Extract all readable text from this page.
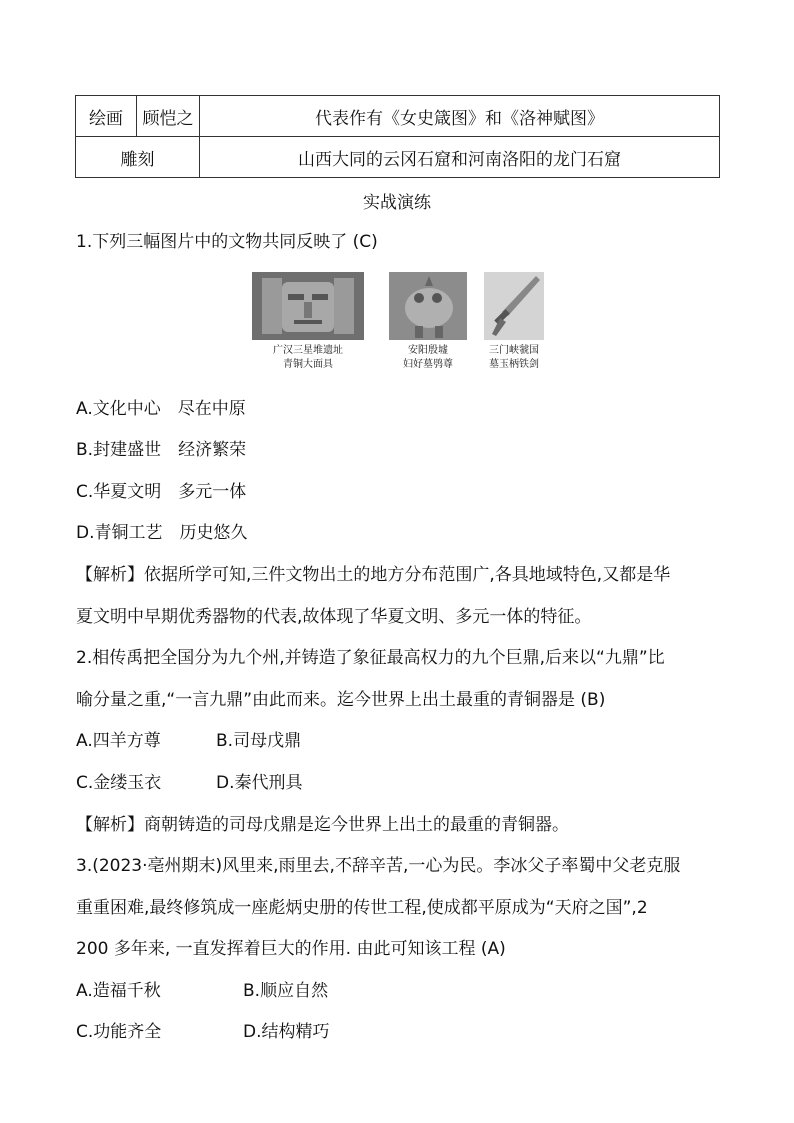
绘画	顾恺之	代表作有《女史箴图》和《洛神赋图》
雕刻		山西大同的云冈石窟和河南洛阳的龙门石窟
实战演练
1.下列三幅图片中的文物共同反映了 (C)
广汉三星堆遗址
青铜大面具
安阳殷墟
妇好墓鸮尊
三门峡虢国
墓玉柄铁剑
A.文化中心　尽在中原
B.封建盛世　经济繁荣
C.华夏文明　多元一体
D.青铜工艺　历史悠久
【解析】依据所学可知,三件文物出土的地方分布范围广,各具地域特色,又都是华
夏文明中早期优秀器物的代表,故体现了华夏文明、多元一体的特征。
2.相传禹把全国分为九个州,并铸造了象征最高权力的九个巨鼎,后来以“九鼎”比
喻分量之重,“一言九鼎”由此而来。迄今世界上出土最重的青铜器是 (B)
A.四羊方尊	B.司母戊鼎
C.金缕玉衣	D.秦代刑具
【解析】商朝铸造的司母戊鼎是迄今世界上出土的最重的青铜器。
3.(2023·亳州期末)风里来,雨里去,不辞辛苦,一心为民。李冰父子率蜀中父老克服
重重困难,最终修筑成一座彪炳史册的传世工程,使成都平原成为“天府之国”,2
200 多年来, 一直发挥着巨大的作用. 由此可知该工程 (A)
A.造福千秋	B.顺应自然
C.功能齐全	D.结构精巧
